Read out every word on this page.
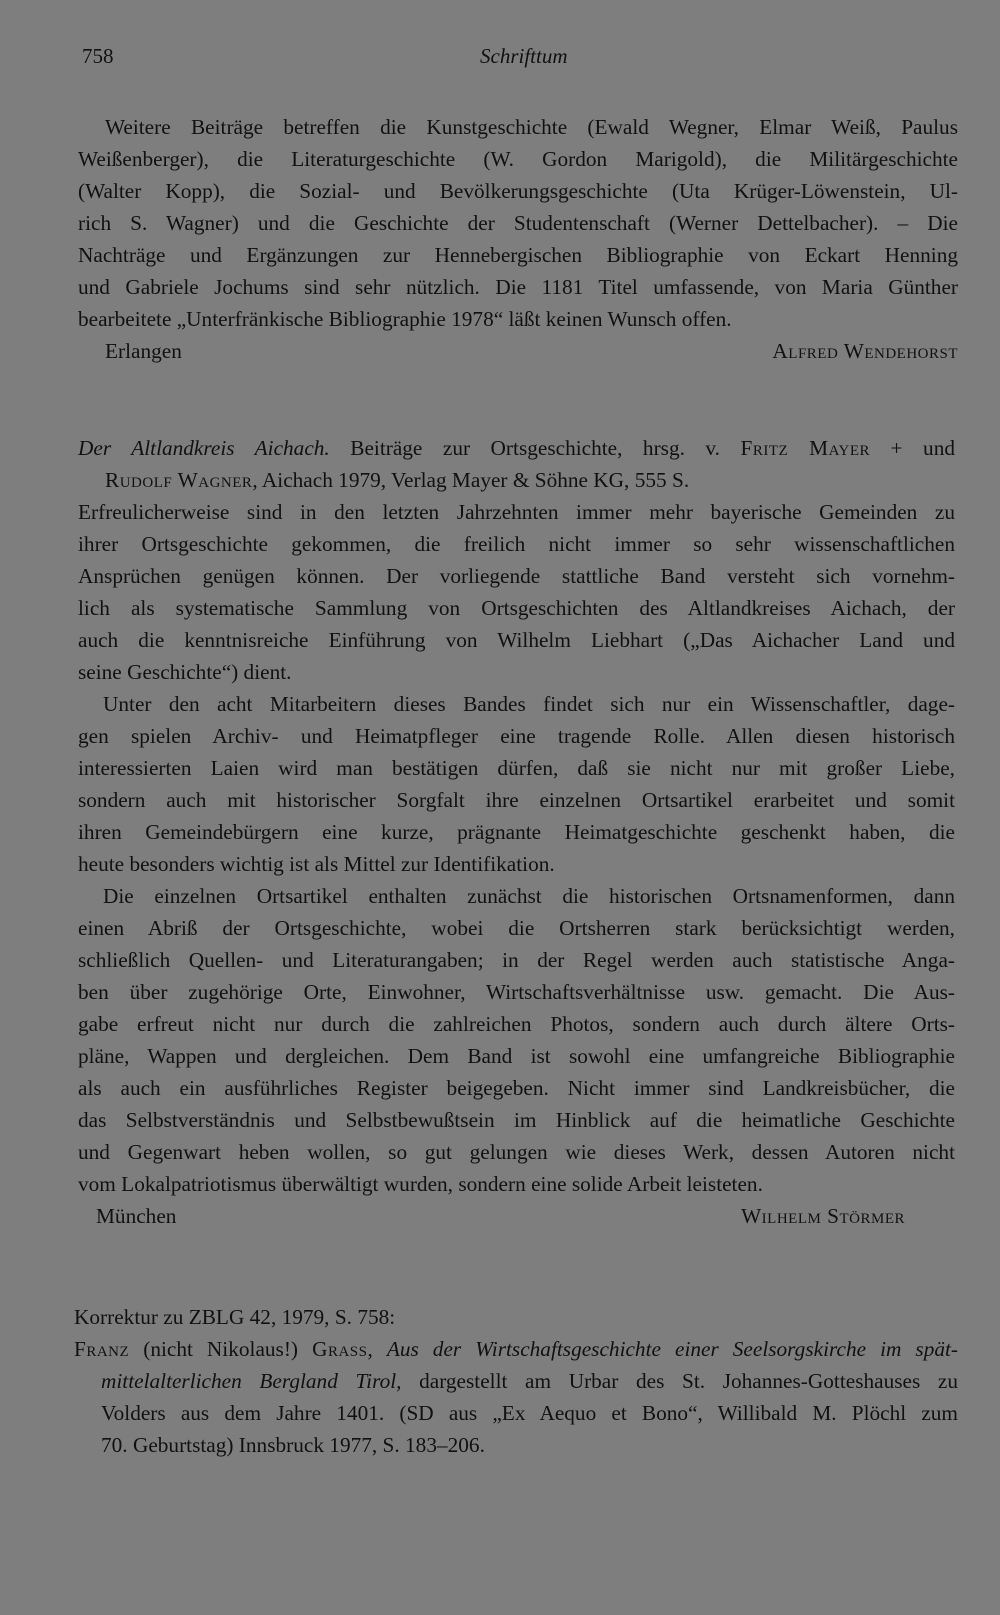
758	Schrifttum
Weitere Beiträge betreffen die Kunstgeschichte (Ewald Wegner, Elmar Weiß, Paulus
Weißenberger), die Literaturgeschichte (W. Gordon Marigold), die Militärgeschichte
(Walter Kopp), die Sozial- und Bevölkerungsgeschichte (Uta Krüger-Löwenstein, Ul-
rich S. Wagner) und die Geschichte der Studentenschaft (Werner Dettelbacher). – Die
Nachträge und Ergänzungen zur Hennebergischen Bibliographie von Eckart Henning
und Gabriele Jochums sind sehr nützlich. Die 1181 Titel umfassende, von Maria Günther
bearbeitete „Unterfränkische Bibliographie 1978“ läßt keinen Wunsch offen.
Erlangen	Alfred Wendehorst
Der Altlandkreis Aichach. Beiträge zur Ortsgeschichte, hrsg. v. Fritz Mayer + und
Rudolf Wagner, Aichach 1979, Verlag Mayer & Söhne KG, 555 S.
Erfreulicherweise sind in den letzten Jahrzehnten immer mehr bayerische Gemeinden zu
ihrer Ortsgeschichte gekommen, die freilich nicht immer so sehr wissenschaftlichen
Ansprüchen genügen können. Der vorliegende stattliche Band versteht sich vornehm-
lich als systematische Sammlung von Ortsgeschichten des Altlandkreises Aichach, der
auch die kenntnisreiche Einführung von Wilhelm Liebhart („Das Aichacher Land und
seine Geschichte“) dient.
Unter den acht Mitarbeitern dieses Bandes findet sich nur ein Wissenschaftler, dage-
gen spielen Archiv- und Heimatpfleger eine tragende Rolle. Allen diesen historisch
interessierten Laien wird man bestätigen dürfen, daß sie nicht nur mit großer Liebe,
sondern auch mit historischer Sorgfalt ihre einzelnen Ortsartikel erarbeitet und somit
ihren Gemeindebürgern eine kurze, prägnante Heimatgeschichte geschenkt haben, die
heute besonders wichtig ist als Mittel zur Identifikation.
Die einzelnen Ortsartikel enthalten zunächst die historischen Ortsnamenformen, dann
einen Abriß der Ortsgeschichte, wobei die Ortsherren stark berücksichtigt werden,
schließlich Quellen- und Literaturangaben; in der Regel werden auch statistische Anga-
ben über zugehörige Orte, Einwohner, Wirtschaftsverhältnisse usw. gemacht. Die Aus-
gabe erfreut nicht nur durch die zahlreichen Photos, sondern auch durch ältere Orts-
pläne, Wappen und dergleichen. Dem Band ist sowohl eine umfangreiche Bibliographie
als auch ein ausführliches Register beigegeben. Nicht immer sind Landkreisbücher, die
das Selbstverständnis und Selbstbewußtsein im Hinblick auf die heimatliche Geschichte
und Gegenwart heben wollen, so gut gelungen wie dieses Werk, dessen Autoren nicht
vom Lokalpatriotismus überwältigt wurden, sondern eine solide Arbeit leisteten.
München	Wilhelm Störmer
Korrektur zu ZBLG 42, 1979, S. 758:
Franz (nicht Nikolaus!) Grass, Aus der Wirtschaftsgeschichte einer Seelsorgskirche im spät-
mittelalterlichen Bergland Tirol, dargestellt am Urbar des St. Johannes-Gotteshauses zu
Volders aus dem Jahre 1401. (SD aus „Ex Aequo et Bono“, Willibald M. Plöchl zum
70. Geburtstag) Innsbruck 1977, S. 183–206.
